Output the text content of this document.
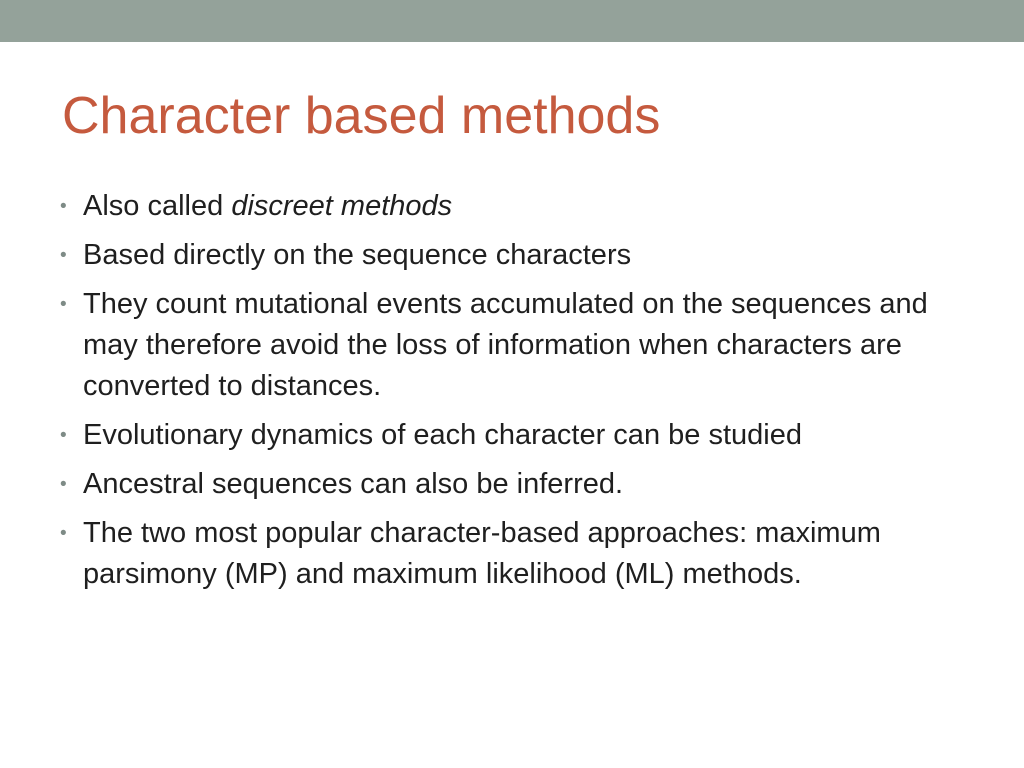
Character based methods
• Also called discreet methods
• Based directly on the sequence characters
• They count mutational events accumulated on the sequences and may therefore avoid the loss of information when characters are converted to distances.
• Evolutionary dynamics of each character can be studied
• Ancestral sequences can also be inferred.
• The two most popular character-based approaches: maximum parsimony (MP) and maximum likelihood (ML) methods.
